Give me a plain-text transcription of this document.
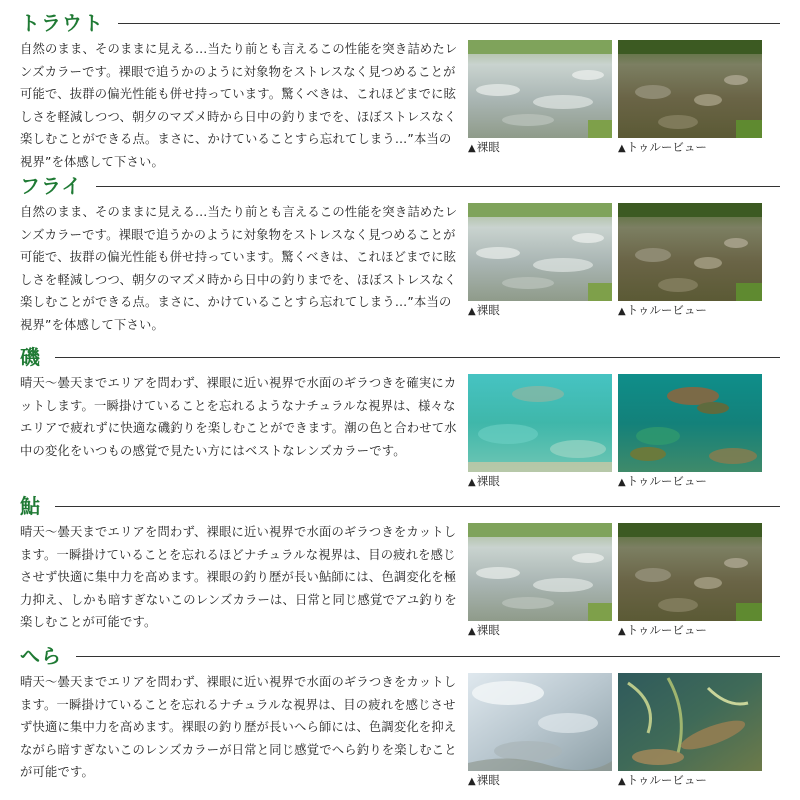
トラウト
自然のまま、そのままに見える…当たり前とも言えるこの性能を突き詰めたレンズカラーです。裸眼で追うかのように対象物をストレスなく見つめることが可能で、抜群の偏光性能も併せ持っています。驚くべきは、これほどまでに眩しさを軽減しつつ、朝夕のマズメ時から日中の釣りまでを、ほぼストレスなく楽しむことができる点。まさに、かけていることすら忘れてしまう…”本当の視界”を体感して下さい。
▲裸眼	▲トゥルービュー
フライ
自然のまま、そのままに見える…当たり前とも言えるこの性能を突き詰めたレンズカラーです。裸眼で追うかのように対象物をストレスなく見つめることが可能で、抜群の偏光性能も併せ持っています。驚くべきは、これほどまでに眩しさを軽減しつつ、朝夕のマズメ時から日中の釣りまでを、ほぼストレスなく楽しむことができる点。まさに、かけていることすら忘れてしまう…”本当の視界”を体感して下さい。
▲裸眼	▲トゥルービュー
磯
晴天～曇天までエリアを問わず、裸眼に近い視界で水面のギラつきを確実にカットします。一瞬掛けていることを忘れるようなナチュラルな視界は、様々なエリアで疲れずに快適な磯釣りを楽しむことができます。潮の色と合わせて水中の変化をいつもの感覚で見たい方にはベストなレンズカラーです。
▲裸眼	▲トゥルービュー
鮎
晴天～曇天までエリアを問わず、裸眼に近い視界で水面のギラつきをカットします。一瞬掛けていることを忘れるほどナチュラルな視界は、目の疲れを感じさせず快適に集中力を高めます。裸眼の釣り歴が長い鮎師には、色調変化を極力抑え、しかも暗すぎないこのレンズカラーは、日常と同じ感覚でアユ釣りを楽しむことが可能です。
▲裸眼	▲トゥルービュー
へら
晴天～曇天までエリアを問わず、裸眼に近い視界で水面のギラつきをカットします。一瞬掛けていることを忘れるナチュラルな視界は、目の疲れを感じさせず快適に集中力を高めます。裸眼の釣り歴が長いへら師には、色調変化を抑えながら暗すぎないこのレンズカラーが日常と同じ感覚でへら釣りを楽しむことが可能です。
▲裸眼	▲トゥルービュー
